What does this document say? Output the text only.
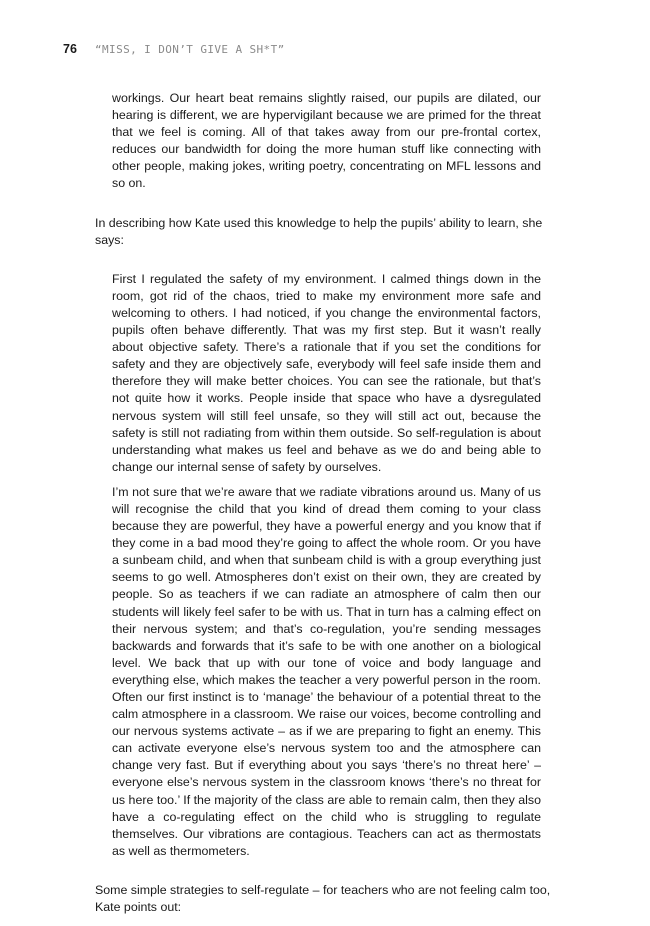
76	“MISS, I DON’T GIVE A SH*T”

workings. Our heart beat remains slightly raised, our pupils are dilated, our hearing is different, we are hypervigilant because we are primed for the threat that we feel is coming. All of that takes away from our pre-frontal cortex, reduces our bandwidth for doing the more human stuff like connecting with other people, making jokes, writing poetry, concentrating on MFL lessons and so on.

In describing how Kate used this knowledge to help the pupils’ ability to learn, she says:

First I regulated the safety of my environment. I calmed things down in the room, got rid of the chaos, tried to make my environment more safe and welcoming to others. I had noticed, if you change the environmental factors, pupils often behave differently. That was my first step. But it wasn’t really about objective safety. There’s a rationale that if you set the conditions for safety and they are objectively safe, everybody will feel safe inside them and therefore they will make better choices. You can see the rationale, but that’s not quite how it works. People inside that space who have a dysregulated nervous system will still feel unsafe, so they will still act out, because the safety is still not radiating from within them outside. So self-regulation is about understanding what makes us feel and behave as we do and being able to change our internal sense of safety by ourselves.

I’m not sure that we’re aware that we radiate vibrations around us. Many of us will recognise the child that you kind of dread them coming to your class because they are powerful, they have a powerful energy and you know that if they come in a bad mood they’re going to affect the whole room. Or you have a sunbeam child, and when that sunbeam child is with a group everything just seems to go well. Atmospheres don’t exist on their own, they are created by people. So as teachers if we can radiate an atmosphere of calm then our students will likely feel safer to be with us. That in turn has a calming effect on their nervous system; and that’s co-regulation, you’re sending messages backwards and forwards that it’s safe to be with one another on a biological level. We back that up with our tone of voice and body language and everything else, which makes the teacher a very powerful person in the room. Often our first instinct is to ‘manage’ the behaviour of a potential threat to the calm atmosphere in a classroom. We raise our voices, become controlling and our nervous systems activate – as if we are preparing to fight an enemy. This can activate everyone else’s nervous system too and the atmosphere can change very fast. But if everything about you says ‘there’s no threat here’ – everyone else’s nervous system in the classroom knows ‘there’s no threat for us here too.’ If the majority of the class are able to remain calm, then they also have a co-regulating effect on the child who is struggling to regulate themselves. Our vibrations are contagious. Teachers can act as thermostats as well as thermometers.

Some simple strategies to self-regulate – for teachers who are not feeling calm too, Kate points out:
